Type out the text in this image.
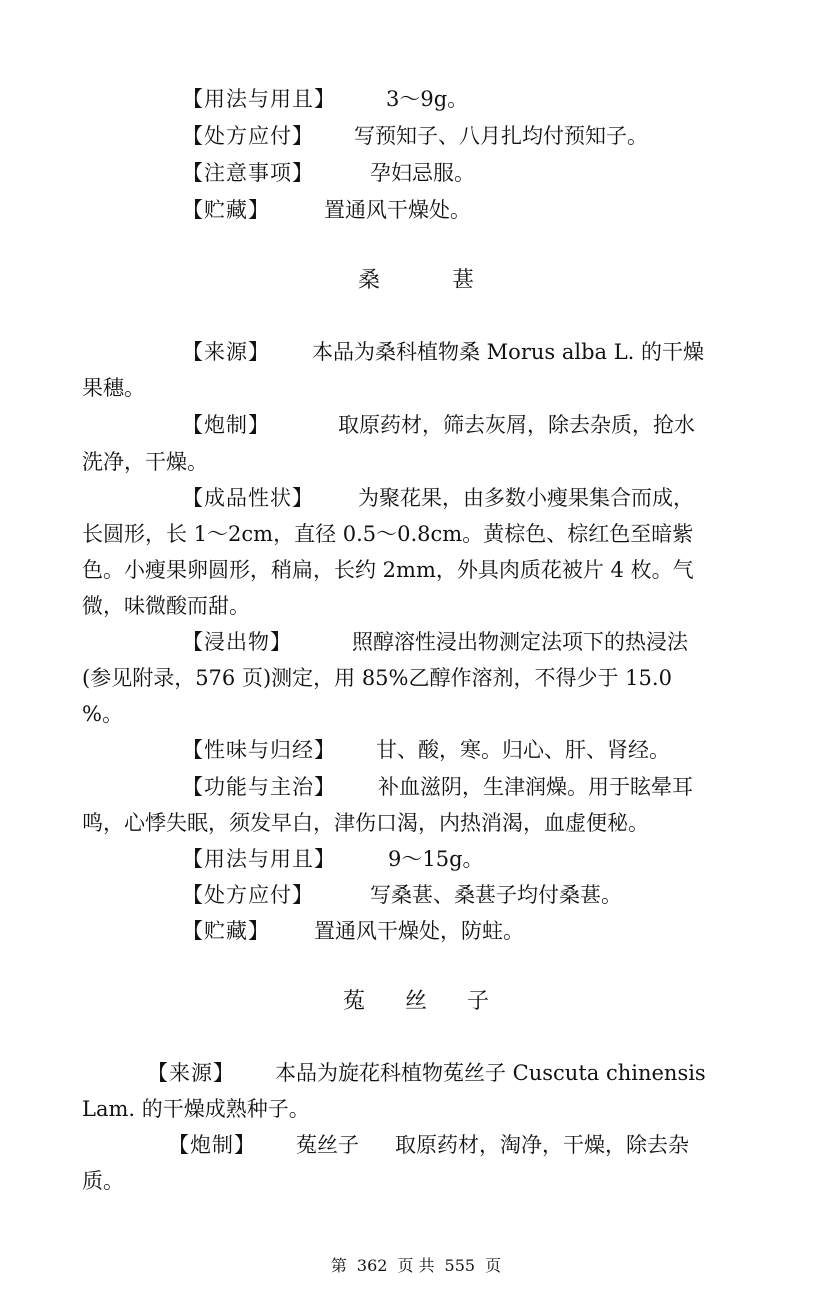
【用法与用且】 3～9g。
【处方应付】 写预知子、八月扎均付预知子。
【注意事项】	孕妇忌服。
【贮藏】	置通风干燥处。
桑	葚
【来源】 本品为桑科植物桑 Morus alba L. 的干燥
果穗。
【炮制】	取原药材，筛去灰屑，除去杂质，抢水
洗净，干燥。
【成品性状】 为聚花果，由多数小瘦果集合而成，
长圆形，长 1～2cm，直径 0.5～0.8cm。黄棕色、棕红色至暗紫
色。小瘦果卵圆形，稍扁，长约 2mm，外具肉质花被片 4 枚。气
微，味微酸而甜。
【浸出物】	照醇溶性浸出物测定法项下的热浸法
(参见附录，576 页)测定，用 85%乙醇作溶剂，不得少于 15.0
%。
【性味与归经】 甘、酸，寒。归心、肝、肾经。
【功能与主治】 补血滋阴，生津润燥。用于眩晕耳
鸣，心悸失眠，须发早白，津伤口渴，内热消渴，血虚便秘。
【用法与用且】 9～15g。
【处方应付】	写桑葚、桑葚子均付桑葚。
【贮藏】 置通风干燥处，防蛀。
菟 丝 子
【来源】 本品为旋花科植物菟丝子 Cuscuta chinensis
Lam. 的干燥成熟种子。
【炮制】 菟丝子 取原药材，淘净，干燥，除去杂
质。
第 362 页 共 555 页
